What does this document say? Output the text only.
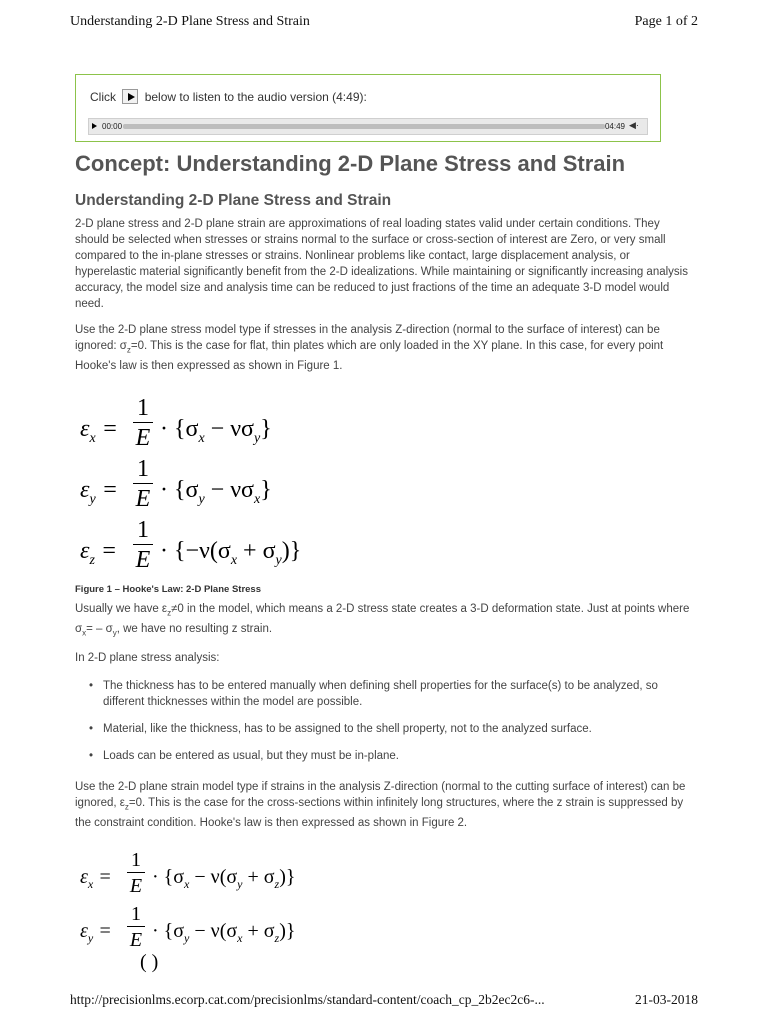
Understanding 2-D Plane Stress and Strain	Page 1 of 2
Click below to listen to the audio version (4:49):
00:00	04:49 ◀·
Concept: Understanding 2-D Plane Stress and Strain
Understanding 2-D Plane Stress and Strain

2-D plane stress and 2-D plane strain are approximations of real loading states valid under certain conditions. They should be selected when stresses or strains normal to the surface or cross-section of interest are Zero, or very small compared to the in-plane stresses or strains. Nonlinear problems like contact, large displacement analysis, or hyperelastic material significantly benefit from the 2-D idealizations. While maintaining or significantly increasing analysis accuracy, the model size and analysis time can be reduced to just fractions of the time an adequate 3-D model would need.

Use the 2-D plane stress model type if stresses in the analysis Z-direction (normal to the surface of interest) can be ignored: $\sigma_z=0$. This is the case for flat, thin plates which are only loaded in the XY plane. In this case, for every point Hooke's law is then expressed as shown in Figure 1.

$\varepsilon_x$ =
1
$E \cdot \{\sigma_x - \nu\sigma_y\}$
$\varepsilon_y$ =
1
$E \cdot \{\sigma_y - \nu\sigma_x\}$
$\varepsilon_z$ =
1
$E \cdot \{-\nu(\sigma_x + \sigma_y)\}$
Figure 1 – Hooke's Law: 2-D Plane Stress

Usually we have $\varepsilon_z\ne 0$ in the model, which means a 2-D stress state creates a 3-D deformation state. Just at points where $\sigma_x= - \sigma_y$, we have no resulting z strain.

In 2-D plane stress analysis:

• The thickness has to be entered manually when defining shell properties for the surface(s) to be analyzed, so different thicknesses within the model are possible.
• Material, like the thickness, has to be assigned to the shell property, not to the analyzed surface.
• Loads can be entered as usual, but they must be in-plane.

Use the 2-D plane strain model type if strains in the analysis Z-direction (normal to the cutting surface of interest) can be ignored, $\varepsilon_z=0$. This is the case for the cross-sections within infinitely long structures, where the z strain is suppressed by the constraint condition. Hooke's law is then expressed as shown in Figure 2.

$\varepsilon_x$ =
1
$E \cdot \{\sigma_x - \nu(\sigma_y + \sigma_z)\}$
$\varepsilon_y$ =
1
$E \cdot \{\sigma_y - \nu(\sigma_x + \sigma_z)\}$
( )
http://precisionlms.ecorp.cat.com/precisionlms/standard-content/coach_cp_2b2ec2c6-...	21-03-2018
